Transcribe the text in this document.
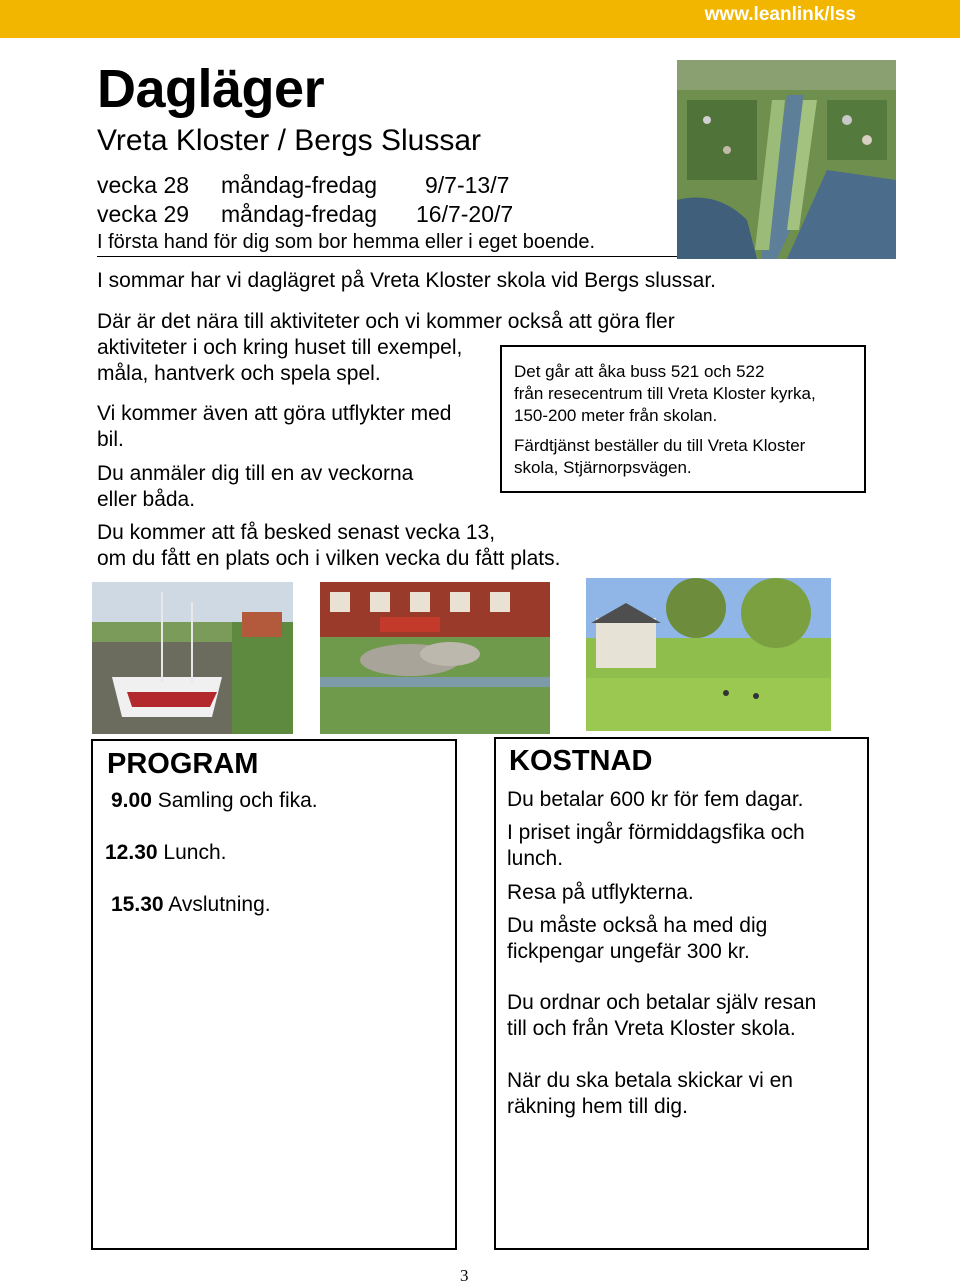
www.leanlink/lss
Dagläger
Vreta Kloster / Bergs Slussar
vecka 28 måndag-fredag 9/7-13/7
vecka 29 måndag-fredag 16/7-20/7
I första hand för dig som bor hemma eller i eget boende.
I sommar har vi daglägret på Vreta Kloster skola vid Bergs slussar.
Där är det nära till aktiviteter och vi kommer också att göra fler
aktiviteter i och kring huset till exempel,
måla, hantverk och spela spel.
Vi kommer även att göra utflykter med
bil.
Du anmäler dig till en av veckorna
eller båda.
Du kommer att få besked senast vecka 13,
om du fått en plats och i vilken vecka du fått plats.

Det går att åka buss 521 och 522
från resecentrum till Vreta Kloster kyrka,
150-200 meter från skolan.

Färdtjänst beställer du till Vreta Kloster
skola, Stjärnorpsvägen.

PROGRAM
9.00 Samling och fika.
12.30 Lunch.
15.30 Avslutning.
KOSTNAD
Du betalar 600 kr för fem dagar.
I priset ingår förmiddagsfika och
lunch.
Resa på utflykterna.
Du måste också ha med dig
fickpengar ungefär 300 kr.
Du ordnar och betalar själv resan
till och från Vreta Kloster skola.
När du ska betala skickar vi en
räkning hem till dig.
3
